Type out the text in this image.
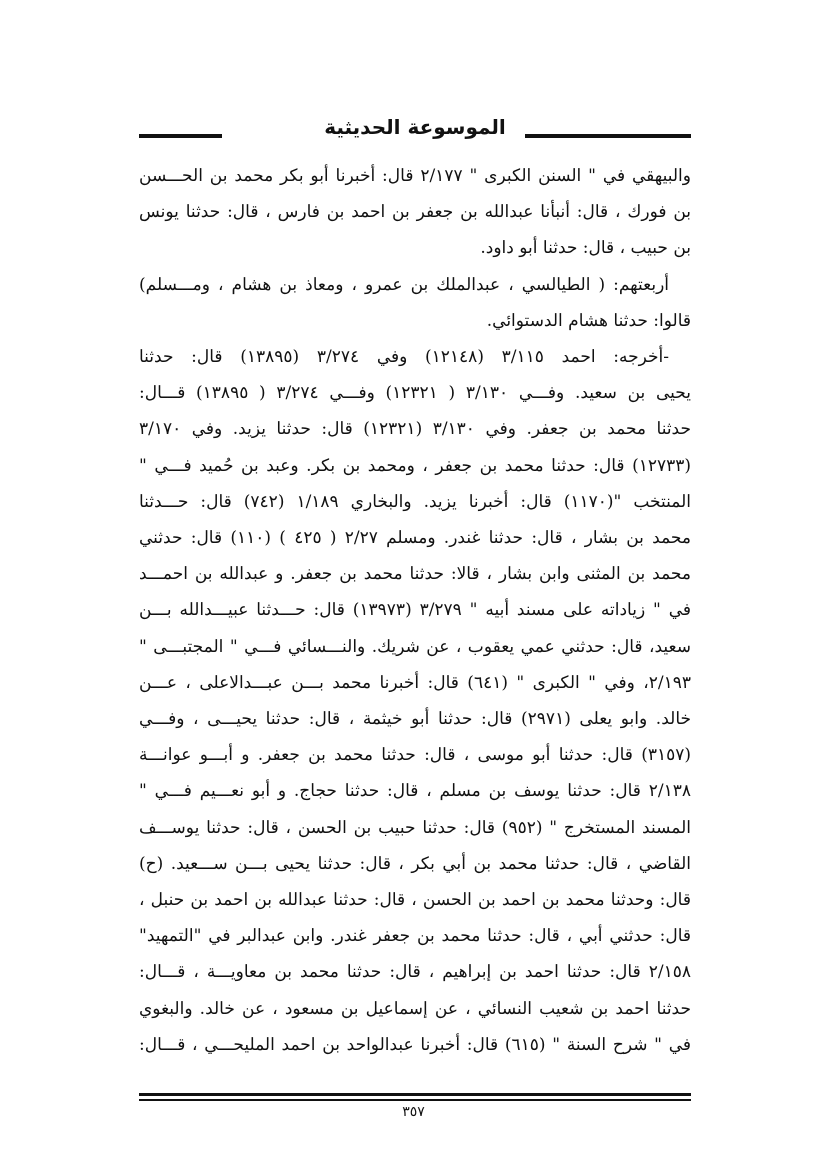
الموسوعة الحديثية
والبيهقي في " السنن الكبرى " ٢/١٧٧ قال: أخبرنا أبو بكر محمد بن الحـــسن
بن فورك ، قال: أنبأنا عبدالله بن جعفر بن احمد بن فارس ، قال: حدثنا يونس
بن حبيب ، قال: حدثنا أبو داود.
أربعتهم: ( الطيالسي ، عبدالملك بن عمرو ، ومعاذ بن هشام ، ومـــسلم)
قالوا: حدثنا هشام الدستوائي.
-أخرجه: احمد ٣/١١٥ (١٢١٤٨) وفي ٣/٢٧٤ (١٣٨٩٥) قال: حدثنا
يحيى بن سعيد. وفـــي ٣/١٣٠ ( ١٢٣٢١) وفـــي ٣/٢٧٤ ( ١٣٨٩٥) قـــال:
حدثنا محمد بن جعفر. وفي ٣/١٣٠ (١٢٣٢١) قال: حدثنا يزيد. وفي ٣/١٧٠
(١٢٧٣٣) قال: حدثنا محمد بن جعفر ، ومحمد بن بكر. وعبد بن حُميد فـــي "
المنتخب "(١١٧٠) قال: أخبرنا يزيد. والبخاري ١/١٨٩ (٧٤٢) قال: حـــدثنا
محمد بن بشار ، قال: حدثنا غندر. ومسلم ٢/٢٧ ( ٤٢٥ ) (١١٠) قال: حدثني
محمد بن المثنى وابن بشار ، قالا: حدثنا محمد بن جعفر. و عبدالله بن احمـــد
في " زياداته على مسند أبيه " ٣/٢٧٩ (١٣٩٧٣) قال: حـــدثنا عبيـــدالله بـــن
سعيد، قال: حدثني عمي يعقوب ، عن شريك. والنـــسائي فـــي " المجتبـــى "
٢/١٩٣، وفي " الكبرى " (٦٤١) قال: أخبرنا محمد بـــن عبـــدالاعلى ، عـــن
خالد. وابو يعلى (٢٩٧١) قال: حدثنا أبو خيثمة ، قال: حدثنا يحيـــى ، وفـــي
(٣١٥٧) قال: حدثنا أبو موسى ، قال: حدثنا محمد بن جعفر. و أبـــو عوانـــة
٢/١٣٨ قال: حدثنا يوسف بن مسلم ، قال: حدثنا حجاج. و أبو نعـــيم فـــي "
المسند المستخرج " (٩٥٢) قال: حدثنا حبيب بن الحسن ، قال: حدثنا يوســـف
القاضي ، قال: حدثنا محمد بن أبي بكر ، قال: حدثنا يحيى بـــن ســـعيد. (ح)
قال: وحدثنا محمد بن احمد بن الحسن ، قال: حدثنا عبدالله بن احمد بن حنبل ،
قال: حدثني أبي ، قال: حدثنا محمد بن جعفر غندر. وابن عبدالبر في "التمهيد"
٢/١٥٨ قال: حدثنا احمد بن إبراهيم ، قال: حدثنا محمد بن معاويـــة ، قـــال:
حدثنا احمد بن شعيب النسائي ، عن إسماعيل بن مسعود ، عن خالد. والبغوي
في " شرح السنة " (٦١٥) قال: أخبرنا عبدالواحد بن احمد المليحـــي ، قـــال:
٣٥٧
